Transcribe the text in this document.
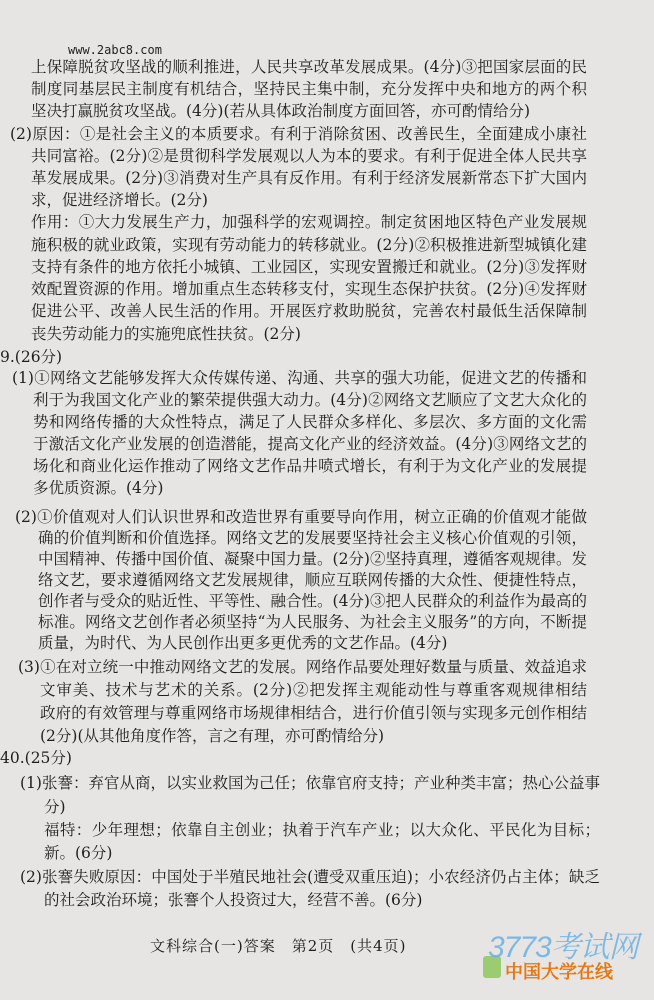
www.2abc8.com
上保障脱贫攻坚战的顺利推进，人民共享改革发展成果。(4分)③把国家层面的民
制度同基层民主制度有机结合，坚持民主集中制，充分发挥中央和地方的两个积
坚决打赢脱贫攻坚战。(4分)(若从具体政治制度方面回答，亦可酌情给分)
(2)原因：①是社会主义的本质要求。有利于消除贫困、改善民生，全面建成小康社
共同富裕。(2分)②是贯彻科学发展观以人为本的要求。有利于促进全体人民共享
革发展成果。(2分)③消费对生产具有反作用。有利于经济发展新常态下扩大国内
求，促进经济增长。(2分)
作用：①大力发展生产力，加强科学的宏观调控。制定贫困地区特色产业发展规
施积极的就业政策，实现有劳动能力的转移就业。(2分)②积极推进新型城镇化建
支持有条件的地方依托小城镇、工业园区，实现安置搬迁和就业。(2分)③发挥财
效配置资源的作用。增加重点生态转移支付，实现生态保护扶贫。(2分)④发挥财
促进公平、改善人民生活的作用。开展医疗救助脱贫，完善农村最低生活保障制
丧失劳动能力的实施兜底性扶贫。(2分)
9.(26分)
(1)①网络文艺能够发挥大众传媒传递、沟通、共享的强大功能，促进文艺的传播和
利于为我国文化产业的繁荣提供强大动力。(4分)②网络文艺顺应了文艺大众化的
势和网络传播的大众性特点，满足了人民群众多样化、多层次、多方面的文化需
于激活文化产业发展的创造潜能，提高文化产业的经济效益。(4分)③网络文艺的
场化和商业化运作推动了网络文艺作品井喷式增长，有利于为文化产业的发展提
多优质资源。(4分)
(2)①价值观对人们认识世界和改造世界有重要导向作用，树立正确的价值观才能做
确的价值判断和价值选择。网络文艺的发展要坚持社会主义核心价值观的引领，
中国精神、传播中国价值、凝聚中国力量。(2分)②坚持真理，遵循客观规律。发
络文艺，要求遵循网络文艺发展规律，顺应互联网传播的大众性、便捷性特点，
创作者与受众的贴近性、平等性、融合性。(4分)③把人民群众的利益作为最高的
标准。网络文艺创作者必须坚持“为人民服务、为社会主义服务”的方向，不断提
质量，为时代、为人民创作出更多更优秀的文艺作品。(4分)
(3)①在对立统一中推动网络文艺的发展。网络作品要处理好数量与质量、效益追求
文审美、技术与艺术的关系。(2分)②把发挥主观能动性与尊重客观规律相结
政府的有效管理与尊重网络市场规律相结合，进行价值引领与实现多元创作相结
(2分)(从其他角度作答，言之有理，亦可酌情给分)
40.(25分)
(1)张謇：弃官从商，以实业救国为己任；依靠官府支持；产业种类丰富；热心公益事
分)
福特：少年理想；依靠自主创业；执着于汽车产业；以大众化、平民化为目标；
新。(6分)
(2)张謇失败原因：中国处于半殖民地社会(遭受双重压迫)；小农经济仍占主体；缺乏
的社会政治环境；张謇个人投资过大，经营不善。(6分)
文科综合(一)答案　第2页　(共4页)	3773考试网
中国大学在线
